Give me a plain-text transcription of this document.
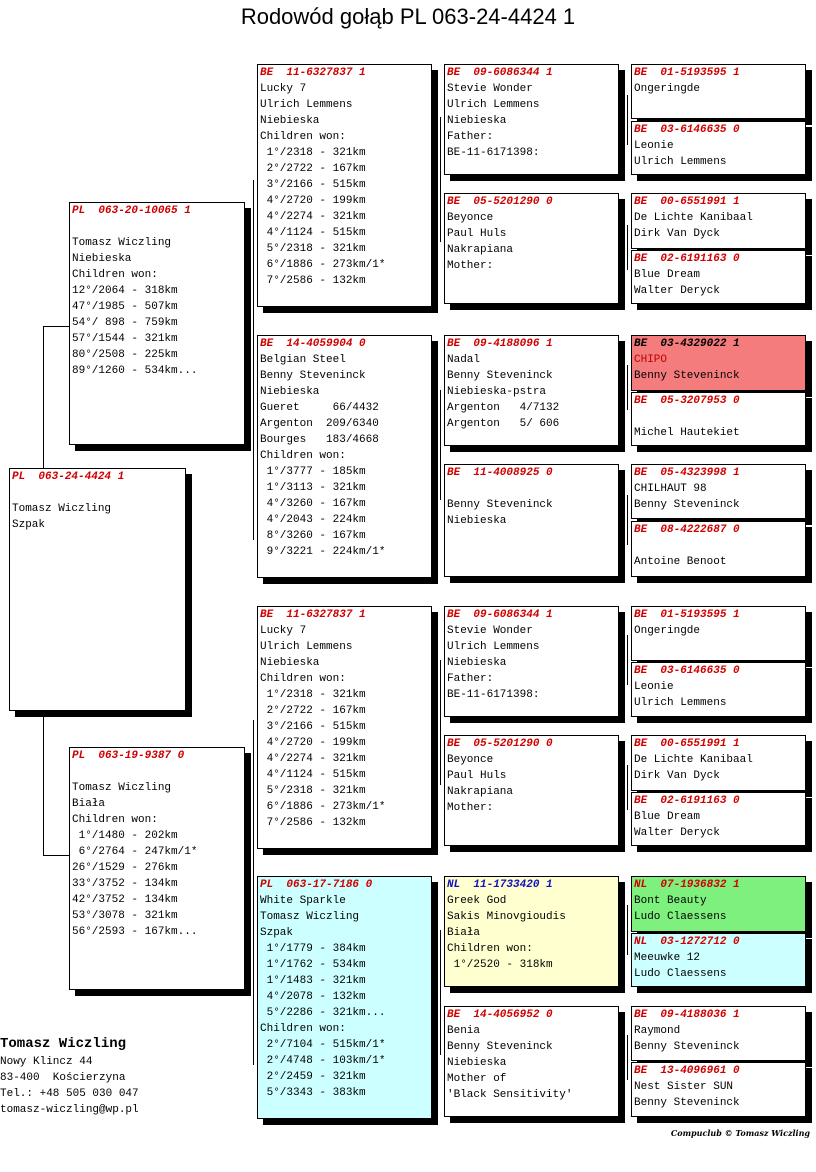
Rodowód gołąb PL 063-24-4424 1
PL  063-24-4424 1

Tomasz Wiczling
Szpak
PL  063-20-10065 1

Tomasz Wiczling
Niebieska
Children won:
12°/2064 - 318km
47°/1985 - 507km
54°/ 898 - 759km
57°/1544 - 321km
80°/2508 - 225km
89°/1260 - 534km...
PL  063-19-9387 0

Tomasz Wiczling
Biała
Children won:
1°/1480 - 202km
6°/2764 - 247km/1*
26°/1529 - 276km
33°/3752 - 134km
42°/3752 - 134km
53°/3078 - 321km
56°/2593 - 167km...
BE  11-6327837 1
Lucky 7
Ulrich Lemmens
Niebieska
Children won:
1°/2318 - 321km
2°/2722 - 167km
3°/2166 - 515km
4°/2720 - 199km
4°/2274 - 321km
4°/1124 - 515km
5°/2318 - 321km
6°/1886 - 273km/1*
7°/2586 - 132km
BE  14-4059904 0
Belgian Steel
Benny Steveninck
Niebieska
Gueret     66/4432
Argenton  209/6340
Bourges   183/4668
Children won:
1°/3777 - 185km
1°/3113 - 321km
4°/3260 - 167km
4°/2043 - 224km
8°/3260 - 167km
9°/3221 - 224km/1*
BE  11-6327837 1
Lucky 7
Ulrich Lemmens
Niebieska
Children won:
1°/2318 - 321km
2°/2722 - 167km
3°/2166 - 515km
4°/2720 - 199km
4°/2274 - 321km
4°/1124 - 515km
5°/2318 - 321km
6°/1886 - 273km/1*
7°/2586 - 132km
PL  063-17-7186 0
White Sparkle
Tomasz Wiczling
Szpak
1°/1779 - 384km
1°/1762 - 534km
1°/1483 - 321km
4°/2078 - 132km
5°/2286 - 321km...
Children won:
2°/7104 - 515km/1*
2°/4748 - 103km/1*
2°/2459 - 321km
5°/3343 - 383km
BE  09-6086344 1
Stevie Wonder
Ulrich Lemmens
Niebieska
Father:
BE-11-6171398:
BE  05-5201290 0
Beyonce
Paul Huls
Nakrapiana
Mother:
BE  09-4188096 1
Nadal
Benny Steveninck
Niebieska-pstra
Argenton   4/7132
Argenton   5/ 606
BE  11-4008925 0

Benny Steveninck
Niebieska
BE  09-6086344 1
Stevie Wonder
Ulrich Lemmens
Niebieska
Father:
BE-11-6171398:
BE  05-5201290 0
Beyonce
Paul Huls
Nakrapiana
Mother:
NL  11-1733420 1
Greek God
Sakis Minovgioudis
Biała
Children won:
1°/2520 - 318km
BE  14-4056952 0
Benia
Benny Steveninck
Niebieska
Mother of
'Black Sensitivity'
BE  01-5193595 1
Ongeringde
BE  03-6146635 0
Leonie
Ulrich Lemmens
BE  00-6551991 1
De Lichte Kanibaal
Dirk Van Dyck
BE  02-6191163 0
Blue Dream
Walter Deryck
BE  03-4329022 1
CHIPO
Benny Steveninck
BE  05-3207953 0

Michel Hautekiet
BE  05-4323998 1
CHILHAUT 98
Benny Steveninck
BE  08-4222687 0

Antoine Benoot
BE  01-5193595 1
Ongeringde
BE  03-6146635 0
Leonie
Ulrich Lemmens
BE  00-6551991 1
De Lichte Kanibaal
Dirk Van Dyck
BE  02-6191163 0
Blue Dream
Walter Deryck
NL  07-1936832 1
Bont Beauty
Ludo Claessens
NL  03-1272712 0
Meeuwke 12
Ludo Claessens
BE  09-4188036 1
Raymond
Benny Steveninck
BE  13-4096961 0
Nest Sister SUN
Benny Steveninck
Tomasz Wiczling
Nowy Klincz 44
83-400  Kościerzyna
Tel.: +48 505 030 047
tomasz-wiczling@wp.pl
Compuclub © Tomasz Wiczling
